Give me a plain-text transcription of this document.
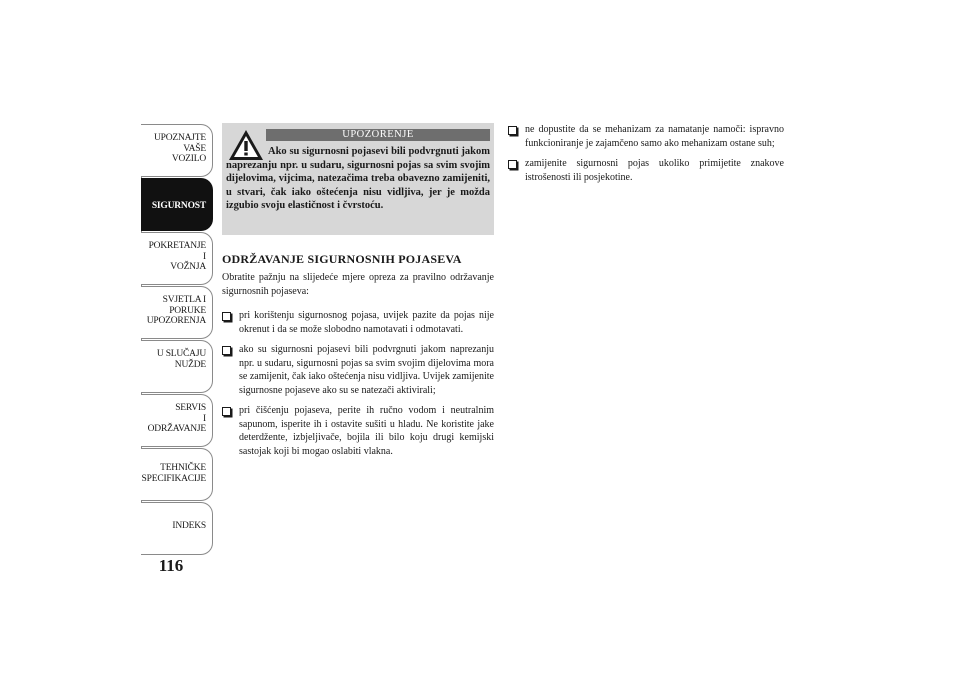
UPOZNAJTE
VAŠE
VOZILO
SIGURNOST
POKRETANJE
I
VOŽNJA
SVJETLA I
PORUKE
UPOZORENJA
U SLUČAJU
NUŽDE
SERVIS
I
ODRŽAVANJE
TEHNIČKE
SPECIFIKACIJE
INDEKS
116
UPOZORENJE
Ako su sigurnosni pojasevi bili podvrgnuti jakom naprezanju npr. u sudaru, sigurnosni pojas sa svim svojim dijelovima, vijcima, natezačima treba obavezno zamijeniti, u stvari, čak iako oštećenja nisu vidljiva, jer je možda izgubio svoju elastičnost i čvrstoću.
ODRŽAVANJE SIGURNOSNIH POJASEVA
Obratite pažnju na slijedeće mjere opreza za pravilno održavanje sigurnosnih pojaseva:
pri korištenju sigurnosnog pojasa, uvijek pazite da pojas nije okrenut i da se može slobodno namotavati i odmotavati.
ako su sigurnosni pojasevi bili podvrgnuti jakom naprezanju npr. u sudaru, sigurnosni pojas sa svim svojim dijelovima mora se zamijenit, čak iako oštećenja nisu vidljiva. Uvijek zamijenite sigurnosne pojaseve ako su se natezači aktivirali;
pri čišćenju pojaseva, perite ih ručno vodom i neutralnim sapunom, isperite ih i ostavite sušiti u hladu. Ne koristite jake deterdžente, izbjeljivače, bojila ili bilo koju drugi kemijski sastojak koji bi mogao oslabiti vlakna.
ne dopustite da se mehanizam za namatanje namoči: ispravno funkcioniranje je zajamčeno samo ako mehanizam ostane suh;
zamijenite sigurnosni pojas ukoliko primijetite znakove istrošenosti ili posjekotine.
